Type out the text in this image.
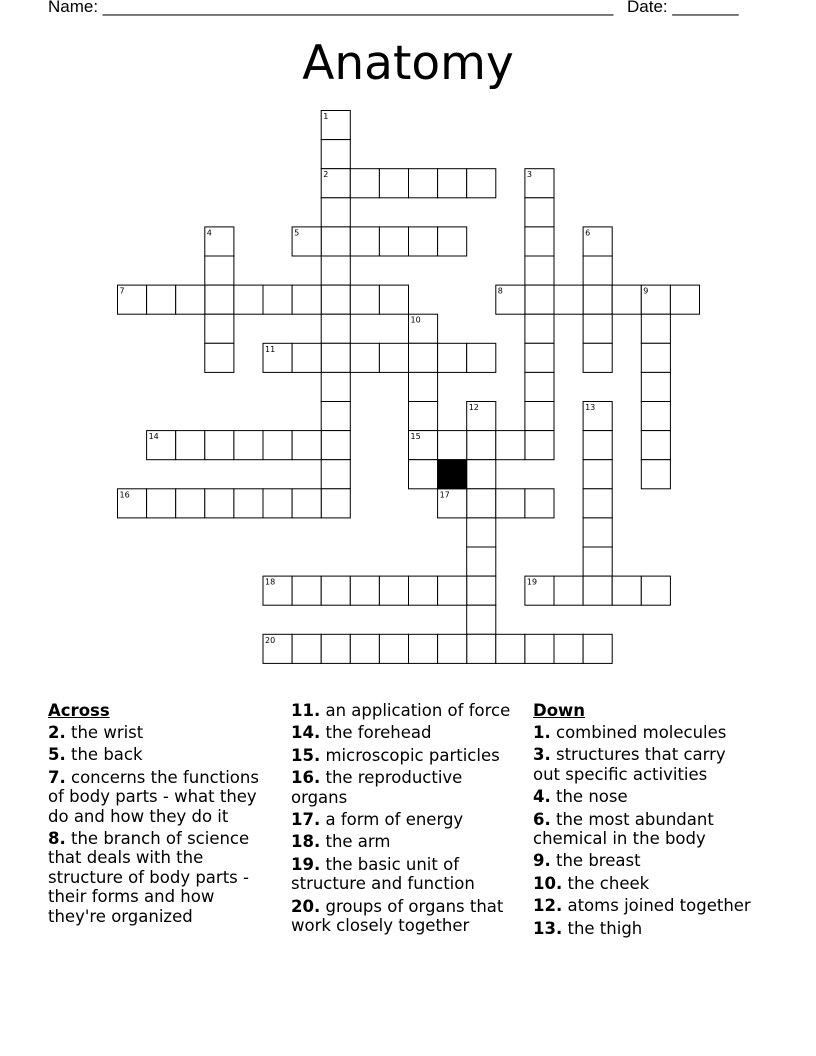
Name: ______________________________________________________ Date: _______
Anatomy
1
2	3
4	5	6
7	8	9
10
11
12	13
14	15
16	17
18	19
20
Across
2. the wrist
5. the back
7. concerns the functions of body parts - what they do and how they do it
8. the branch of science that deals with the structure of body parts - their forms and how they're organized
11. an application of force
14. the forehead
15. microscopic particles
16. the reproductive organs
17. a form of energy
18. the arm
19. the basic unit of structure and function
20. groups of organs that work closely together
Down
1. combined molecules
3. structures that carry out specific activities
4. the nose
6. the most abundant chemical in the body
9. the breast
10. the cheek
12. atoms joined together
13. the thigh
